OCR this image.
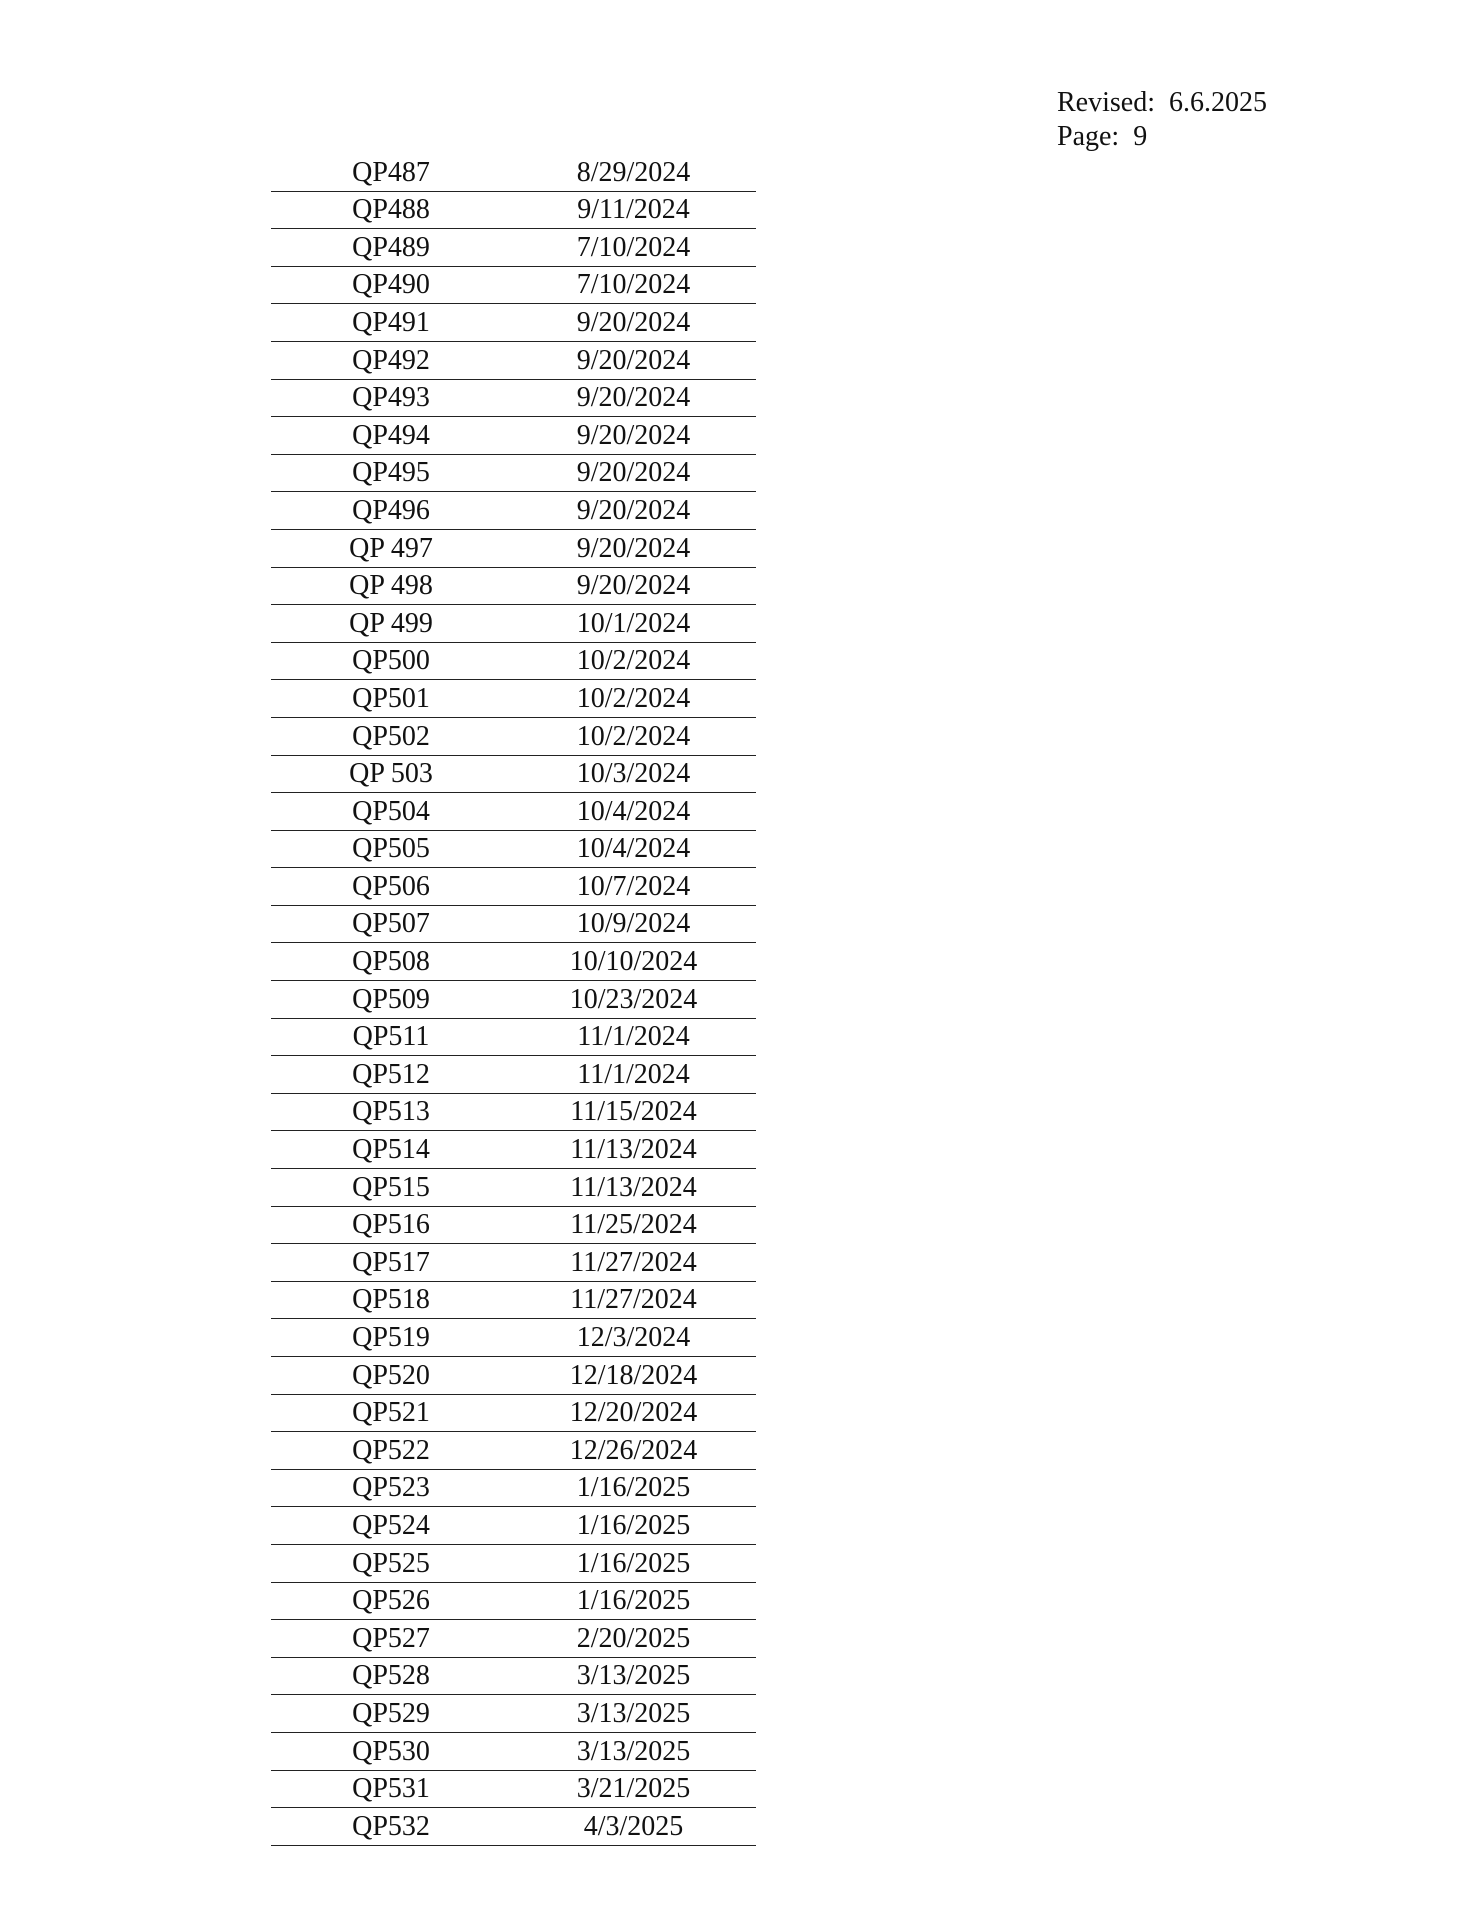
Revised: 6.6.2025
Page: 9
QP487	8/29/2024
QP488	9/11/2024
QP489	7/10/2024
QP490	7/10/2024
QP491	9/20/2024
QP492	9/20/2024
QP493	9/20/2024
QP494	9/20/2024
QP495	9/20/2024
QP496	9/20/2024
QP 497	9/20/2024
QP 498	9/20/2024
QP 499	10/1/2024
QP500	10/2/2024
QP501	10/2/2024
QP502	10/2/2024
QP 503	10/3/2024
QP504	10/4/2024
QP505	10/4/2024
QP506	10/7/2024
QP507	10/9/2024
QP508	10/10/2024
QP509	10/23/2024
QP511	11/1/2024
QP512	11/1/2024
QP513	11/15/2024
QP514	11/13/2024
QP515	11/13/2024
QP516	11/25/2024
QP517	11/27/2024
QP518	11/27/2024
QP519	12/3/2024
QP520	12/18/2024
QP521	12/20/2024
QP522	12/26/2024
QP523	1/16/2025
QP524	1/16/2025
QP525	1/16/2025
QP526	1/16/2025
QP527	2/20/2025
QP528	3/13/2025
QP529	3/13/2025
QP530	3/13/2025
QP531	3/21/2025
QP532	4/3/2025
